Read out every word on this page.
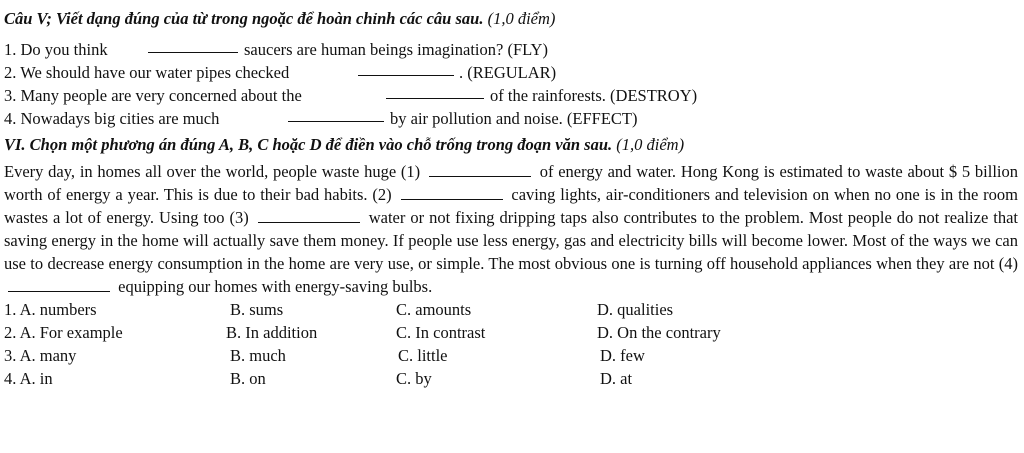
Câu V; Viết dạng đúng của từ trong ngoặc để hoàn chỉnh các câu sau. (1,0 điểm)
1. Do you think	saucers are human beings imagination? (FLY)
2. We should have our water pipes checked	. (REGULAR)
3. Many people are very concerned about the	of the rainforests. (DESTROY)
4. Nowadays big cities are much	by air pollution and noise. (EFFECT)
VI. Chọn một phương án đúng A, B, C hoặc D để điền vào chỗ trống trong đoạn văn sau. (1,0 điểm)
Every day, in homes all over the world, people waste huge (1)	of energy and water. Hong Kong is estimated to waste about $ 5 billion worth of energy a year. This is due to their bad habits. (2)	caving lights, air-conditioners and television on when no one is in the room wastes a lot of energy. Using too (3)	water or not fixing dripping taps also contributes to the problem. Most people do not realize that saving energy in the home will actually save them money. If people use less energy, gas and electricity bills will become lower. Most of the ways we can use to decrease energy consumption in the home are very use, or simple. The most obvious one is turning off household appliances when they are not (4)  equipping our homes with energy-saving bulbs.
1. A. numbers	B. sums	C. amounts	D. qualities
2. A. For example	B. In addition	C. In contrast	D. On the contrary
3. A. many	B. much	C. little	D. few
4. A. in	B. on	C. by	D. at
